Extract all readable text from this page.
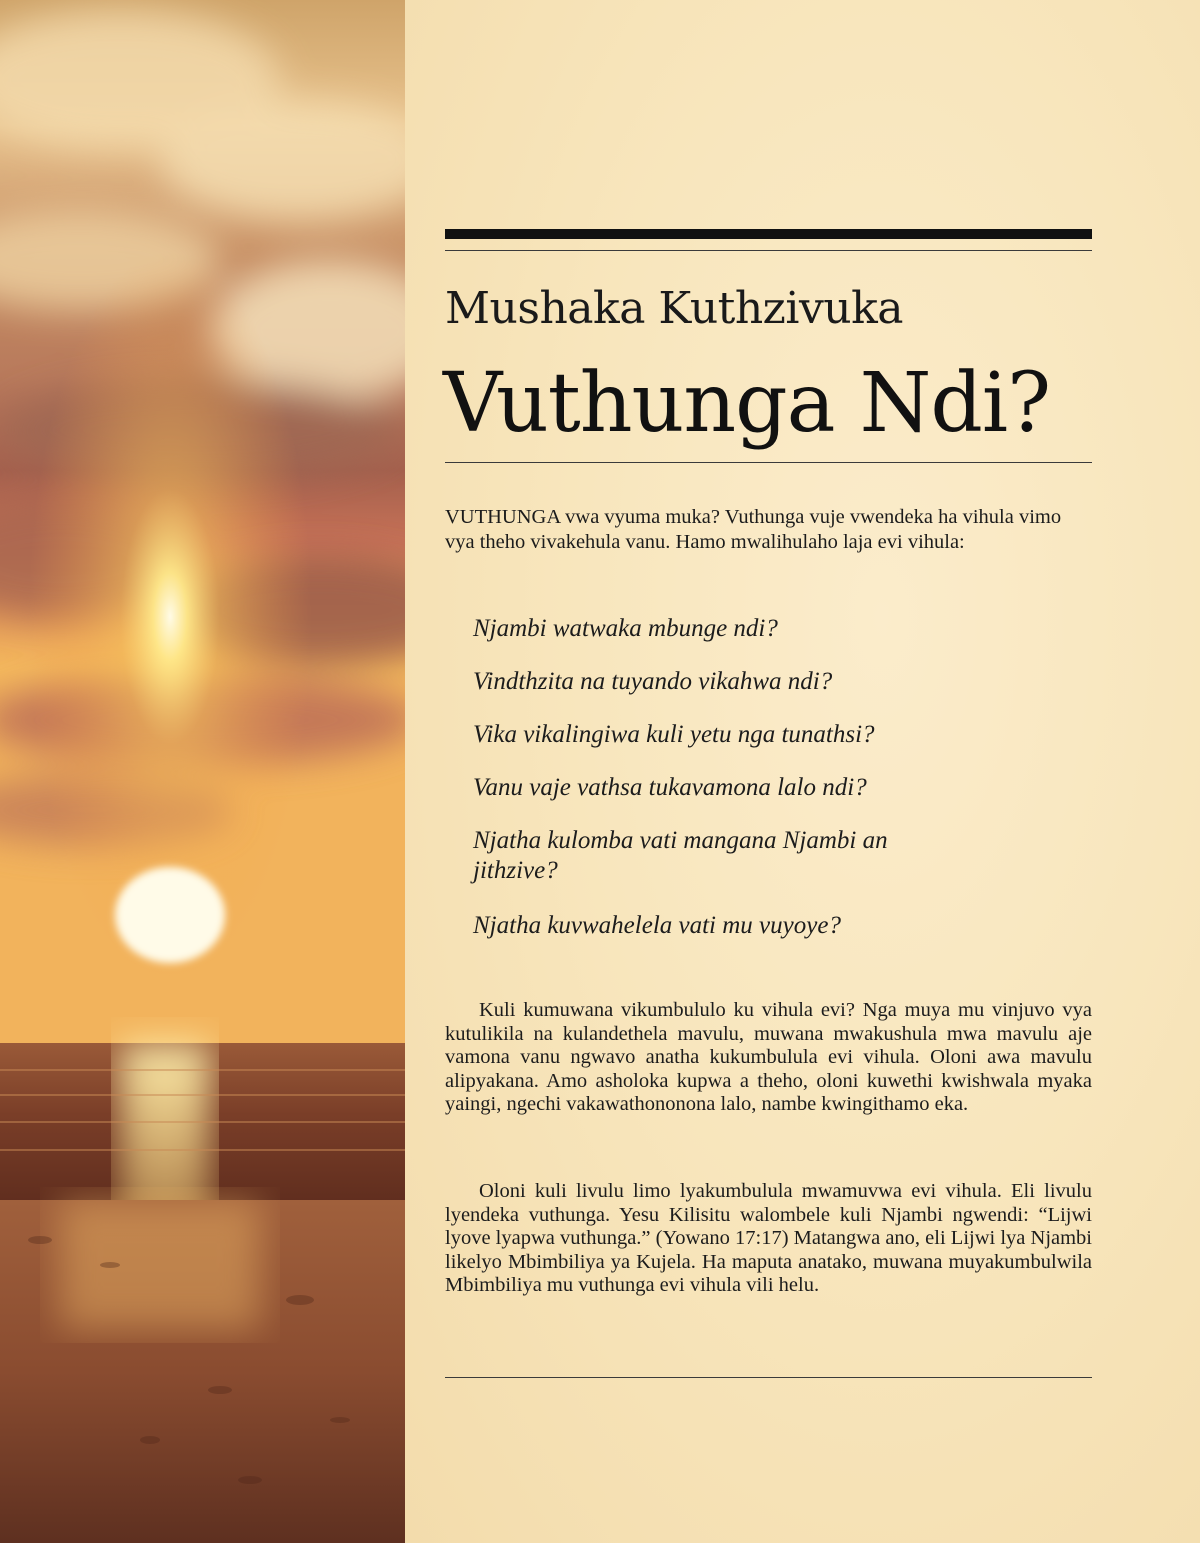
Mushaka Kuthzivuka
Vuthunga Ndi?

VUTHUNGA vwa vyuma muka? Vuthunga vuje vwendeka ha vihula vimo vya theho vivakehula vanu. Hamo mwalihulaho laja evi vihula:

Njambi watwaka mbunge ndi?
Vindthzita na tuyando vikahwa ndi?
Vika vikalingiwa kuli yetu nga tunathsi?
Vanu vaje vathsa tukavamona lalo ndi?
Njatha kulomba vati mangana Njambi an jithzive?
Njatha kuvwahelela vati mu vuyoye?

Kuli kumuwana vikumbululo ku vihula evi? Nga muya mu vinjuvo vya kutulikila na kulandethela mavulu, muwana mwakushula mwa mavulu aje vamona vanu ngwavo anatha kukumbulula evi vihula. Oloni awa mavulu alipyakana. Amo asholoka kupwa a theho, oloni kuwethi kwishwala myaka yaingi, ngechi vakawathononona lalo, nambe kwingithamo eka.

Oloni kuli livulu limo lyakumbulula mwamuvwa evi vihula. Eli livulu lyendeka vuthunga. Yesu Kilisitu walombele kuli Njambi ngwendi: “Lijwi lyove lyapwa vuthunga.” (Yowano 17:17) Matangwa ano, eli Lijwi lya Njambi likelyo Mbimbiliya ya Kujela. Ha maputa anatako, muwana muyakumbulwila Mbimbiliya mu vuthunga evi vihula vili helu.
